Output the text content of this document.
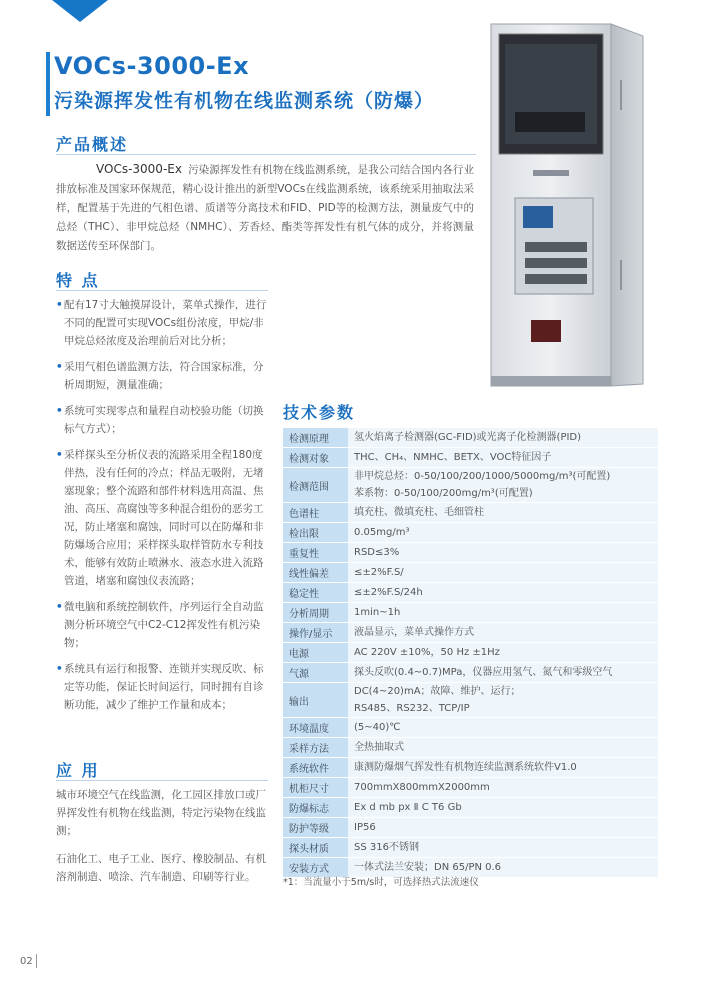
VOCs-3000-Ex
污染源挥发性有机物在线监测系统（防爆）
产品概述
VOCs-3000-Ex 污染源挥发性有机物在线监测系统，是我公司结合国内各行业排放标准及国家环保规范，精心设计推出的新型VOCs在线监测系统，该系统采用抽取法采样，配置基于先进的气相色谱、质谱等分离技术和FID、PID等的检测方法，测量废气中的总烃（THC）、非甲烷总烃（NMHC）、芳香烃、酯类等挥发性有机气体的成分，并将测量数据送传至环保部门。
特 点
• 配有17寸大触摸屏设计，菜单式操作，进行不同的配置可实现VOCs组份浓度，甲烷/非甲烷总烃浓度及治理前后对比分析；
• 采用气相色谱监测方法，符合国家标准，分析周期短，测量准确；
• 系统可实现零点和量程自动校验功能（切换标气方式）；
• 采样探头至分析仪表的流路采用全程180度伴热，没有任何的冷点；样品无吸附，无堵塞现象；整个流路和部件材料选用高温、焦油、高压、高腐蚀等多种混合组份的恶劣工况，防止堵塞和腐蚀，同时可以在防爆和非防爆场合应用；采样探头取样管防水专利技术，能够有效防止喷淋水、液态水进入流路管道，堵塞和腐蚀仪表流路；
• 微电脑和系统控制软件，序列运行全自动监测分析环境空气中C2-C12挥发性有机污染物；
• 系统具有运行和报警、连锁并实现反吹、标定等功能，保证长时间运行，同时拥有自诊断功能，减少了维护工作量和成本；
应 用

城市环境空气在线监测，化工园区排放口或厂界挥发性有机物在线监测，特定污染物在线监测；

石油化工、电子工业、医疗、橡胶制品、有机溶剂制造、喷涂、汽车制造、印刷等行业。

技术参数
检测原理	氢火焰离子检测器(GC-FID)或光离子化检测器(PID)

检测对象	THC、CH₄、NMHC、BETX、VOC特征因子

检测范围	非甲烷总烃：0-50/100/200/1000/5000mg/m³(可配置)
苯系物：0-50/100/200mg/m³(可配置)

色谱柱	填充柱、微填充柱、毛细管柱

检出限	0.05mg/m³

重复性	RSD≤3%

线性偏差	≤±2%F.S/

稳定性	≤±2%F.S/24h

分析周期	1min~1h

操作/显示	液晶显示，菜单式操作方式

电源	AC 220V ±10%，50 Hz ±1Hz

气源	探头反吹(0.4~0.7)MPa，仪器应用氢气、氮气和零级空气

输出	DC(4~20)mA；故障、维护、运行；
RS485、RS232、TCP/IP

环境温度	(5~40)℃

采样方法	全热抽取式

系统软件	康测防爆烟气挥发性有机物连续监测系统软件V1.0

机柜尺寸	700mmX800mmX2000mm

防爆标志	Ex d mb px Ⅱ C T6 Gb

防护等级	IP56

探头材质	SS 316不锈钢

安装方式	一体式法兰安装；DN 65/PN 0.6
*1：当流量小于5m/s时，可选择热式法流速仪
02
